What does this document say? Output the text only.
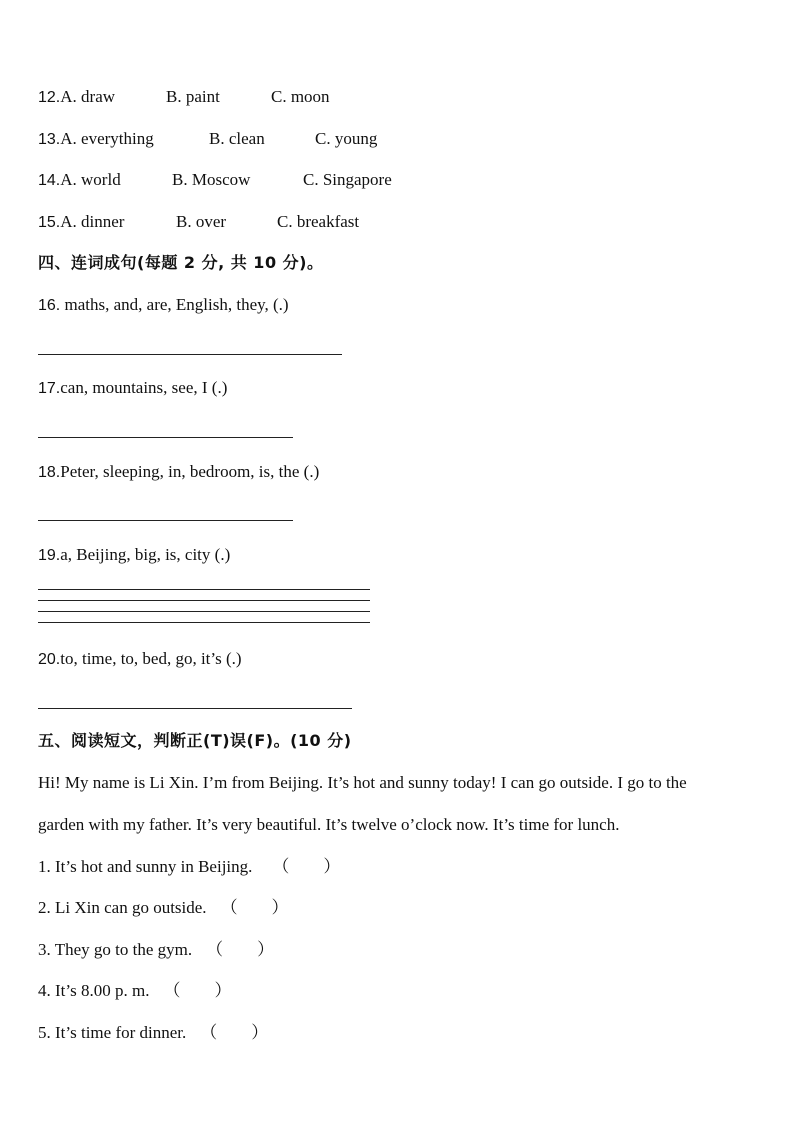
12.A. draw	B. paint	C. moon
13.A. everything	B. clean	C. young
14.A. world	B. Moscow	C. Singapore
15.A. dinner	B. over	C. breakfast
四、连词成句(每题 2 分, 共 10 分)。
16. maths, and, are, English, they, (.)
17.can, mountains, see, I (.)
18.Peter, sleeping, in, bedroom, is, the (.)
19.a, Beijing, big, is, city (.)
20.to, time, to, bed, go, it’s (.)
五、阅读短文，判断正(T)误(F)。(10 分)
Hi! My name is Li Xin. I’m from Beijing. It’s hot and sunny today! I can go outside. I go to the
garden with my father. It’s very beautiful. It’s twelve o’clock now. It’s time for lunch.
1. It’s hot and sunny in Beijing. （　　）
2. Li Xin can go outside. （　　）
3. They go to the gym. （　　）
4. It’s 8.00 p. m. （　　）
5. It’s time for dinner. （　　）
